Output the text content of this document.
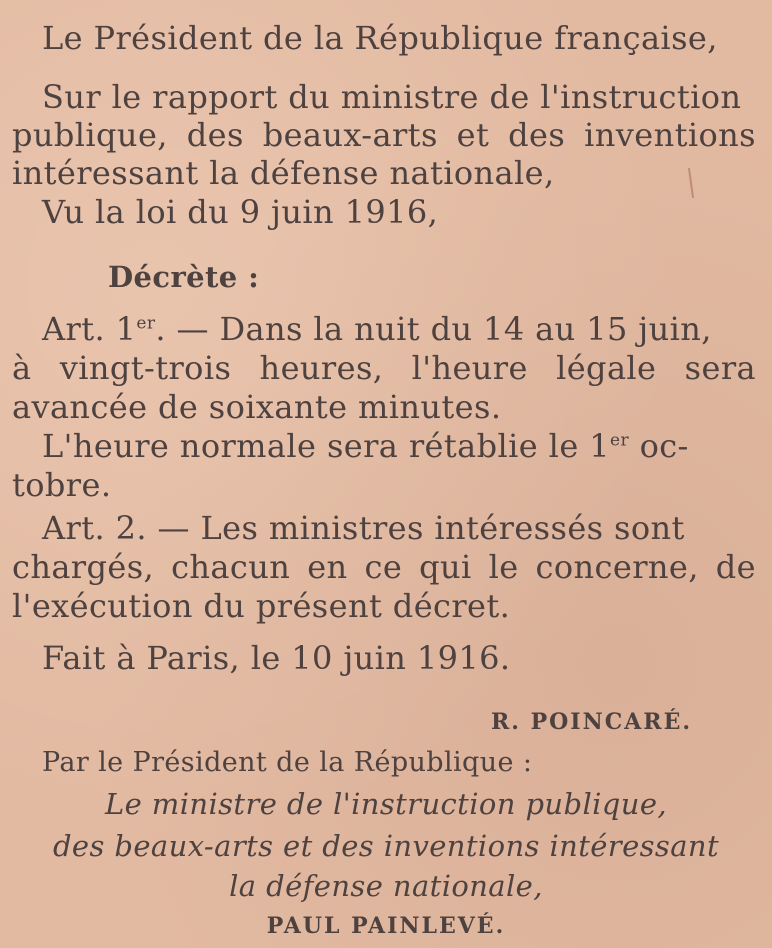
Le Président de la République française,
Sur le rapport du ministre de l'instruction
publique, des beaux-arts et des inventions
intéressant la défense nationale,
Vu la loi du 9 juin 1916,
Décrète :
Art. 1er. — Dans la nuit du 14 au 15 juin,
à vingt-trois heures, l'heure légale sera
avancée de soixante minutes.
L'heure normale sera rétablie le 1er oc-
tobre.
Art. 2. — Les ministres intéressés sont
chargés, chacun en ce qui le concerne, de
l'exécution du présent décret.
Fait à Paris, le 10 juin 1916.
R. POINCARÉ.
Par le Président de la République :
Le ministre de l'instruction publique,
des beaux-arts et des inventions intéressant
la défense nationale,
PAUL PAINLEVÉ.
